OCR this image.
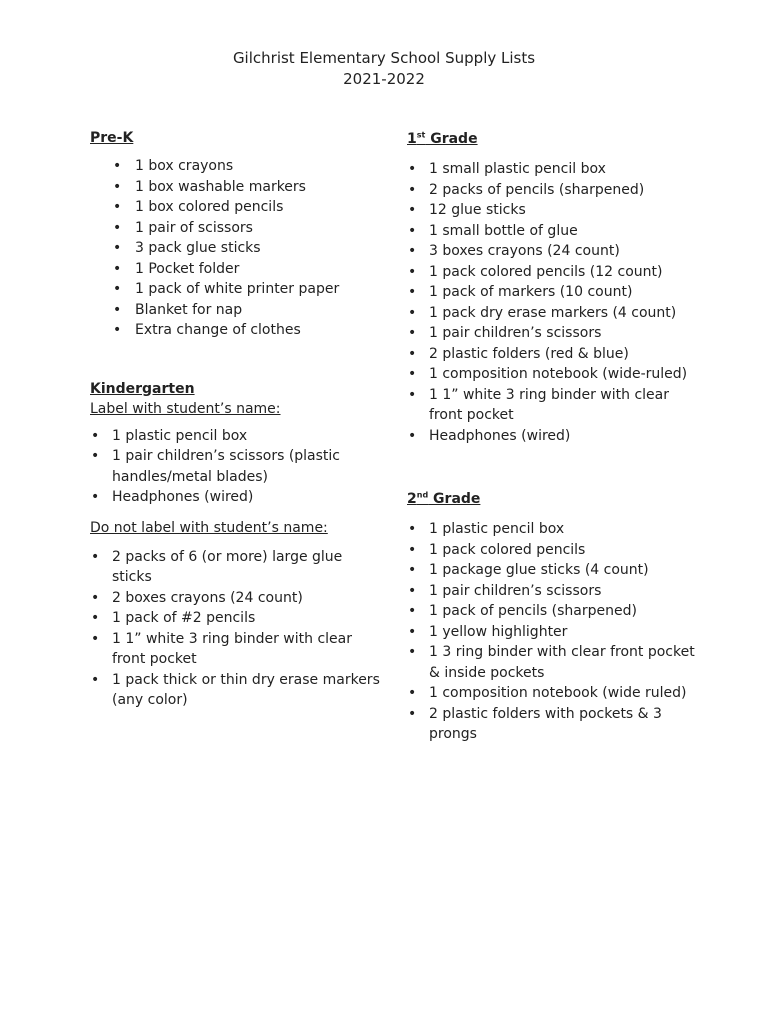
Gilchrist Elementary School Supply Lists
2021-2022

Pre-K

• 1 box crayons
• 1 box washable markers
• 1 box colored pencils
• 1 pair of scissors
• 3 pack glue sticks
• 1 Pocket folder
• 1 pack of white printer paper
• Blanket for nap
• Extra change of clothes

Kindergarten

Label with student’s name:

• 1 plastic pencil box
• 1 pair children’s scissors (plastic handles/metal blades)
• Headphones (wired)

Do not label with student’s name:

• 2 packs of 6 (or more) large glue sticks
• 2 boxes crayons (24 count)
• 1 pack of #2 pencils
• 1 1” white 3 ring binder with clear front pocket
• 1 pack thick or thin dry erase markers (any color)

1st Grade

• 1 small plastic pencil box
• 2 packs of pencils (sharpened)
• 12 glue sticks
• 1 small bottle of glue
• 3 boxes crayons (24 count)
• 1 pack colored pencils (12 count)
• 1 pack of markers (10 count)
• 1 pack dry erase markers (4 count)
• 1 pair children’s scissors
• 2 plastic folders (red & blue)
• 1 composition notebook (wide-ruled)
• 1 1” white 3 ring binder with clear front pocket
• Headphones (wired)

2nd Grade

• 1 plastic pencil box
• 1 pack colored pencils
• 1 package glue sticks (4 count)
• 1 pair children’s scissors
• 1 pack of pencils (sharpened)
• 1 yellow highlighter
• 1 3 ring binder with clear front pocket & inside pockets
• 1 composition notebook (wide ruled)
• 2 plastic folders with pockets & 3 prongs
